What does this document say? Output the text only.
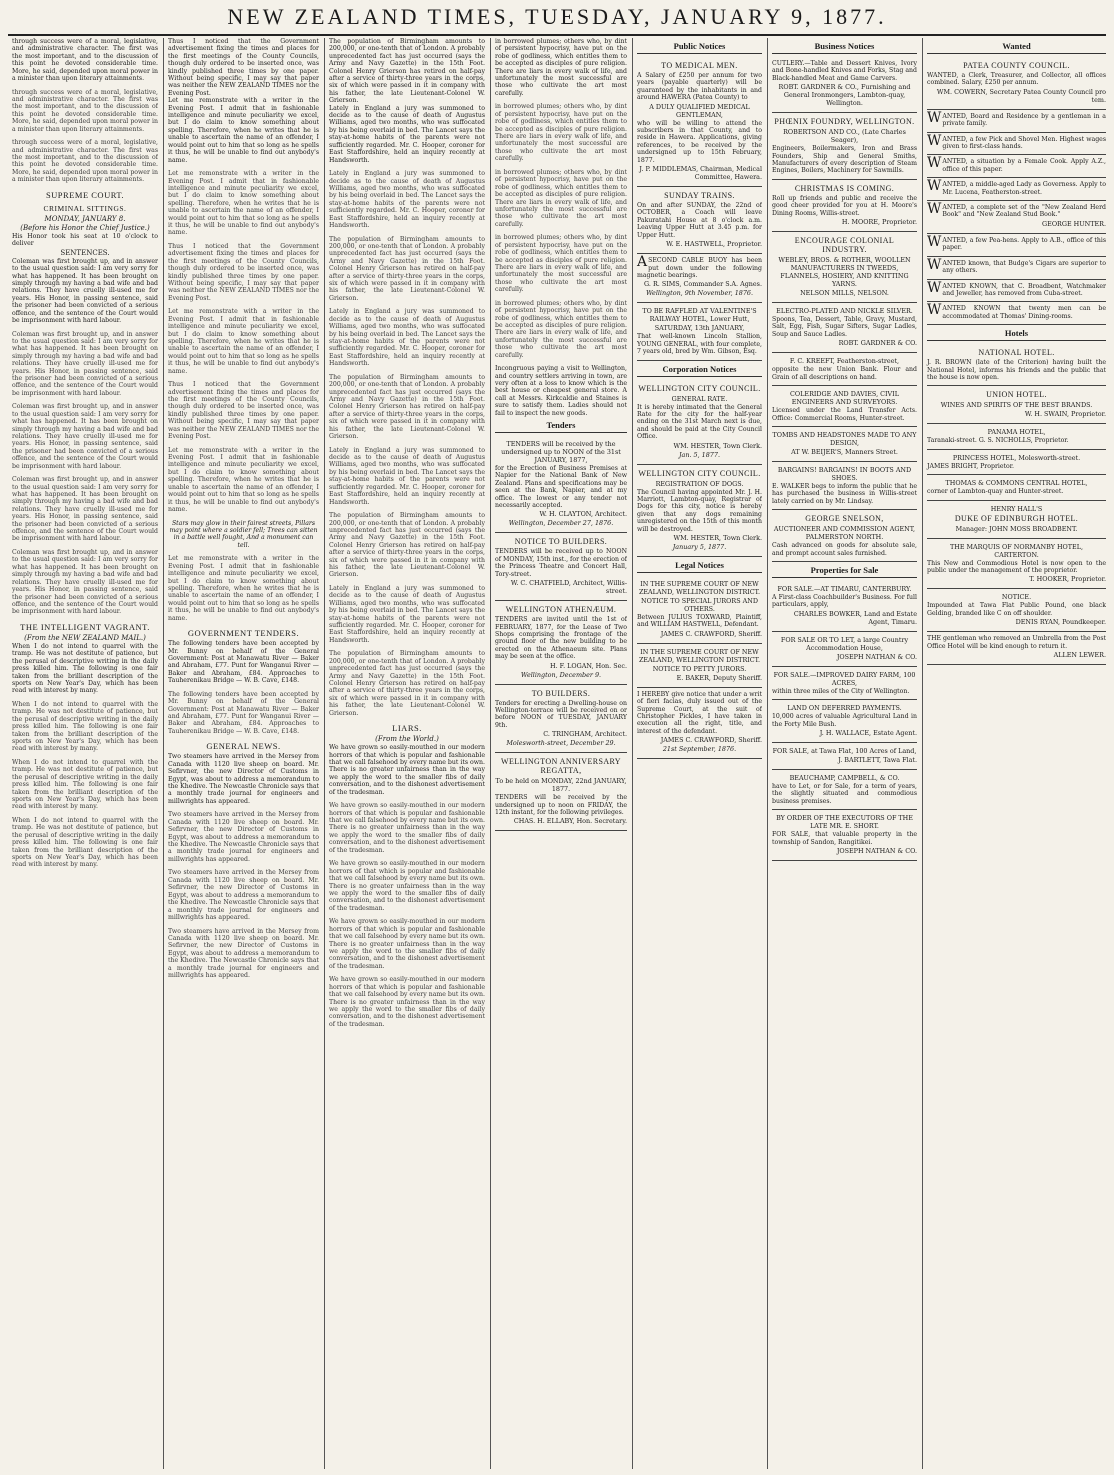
NEW ZEALAND TIMES, TUESDAY, JANUARY 9, 1877.

through success were of a moral, legislative, and administrative character. The first was the most important, and to the discussion of this point he devoted considerable time. More, he said, depended upon moral power in a minister than upon literary attainments.

through success were of a moral, legislative, and administrative character. The first was the most important, and to the discussion of this point he devoted considerable time. More, he said, depended upon moral power in a minister than upon literary attainments.

through success were of a moral, legislative, and administrative character. The first was the most important, and to the discussion of this point he devoted considerable time. More, he said, depended upon moral power in a minister than upon literary attainments.

SUPREME COURT.
CRIMINAL SITTINGS.
MONDAY, JANUARY 8.
(Before his Honor the Chief Justice.)

His Honor took his seat at 10 o'clock to deliver

SENTENCES.

Coleman was first brought up, and in answer to the usual question said: I am very sorry for what has happened. It has been brought on simply through my having a bad wife and bad relations. They have cruelly ill-used me for years. His Honor, in passing sentence, said the prisoner had been convicted of a serious offence, and the sentence of the Court would be imprisonment with hard labour.

Coleman was first brought up, and in answer to the usual question said: I am very sorry for what has happened. It has been brought on simply through my having a bad wife and bad relations. They have cruelly ill-used me for years. His Honor, in passing sentence, said the prisoner had been convicted of a serious offence, and the sentence of the Court would be imprisonment with hard labour.

Coleman was first brought up, and in answer to the usual question said: I am very sorry for what has happened. It has been brought on simply through my having a bad wife and bad relations. They have cruelly ill-used me for years. His Honor, in passing sentence, said the prisoner had been convicted of a serious offence, and the sentence of the Court would be imprisonment with hard labour.

Coleman was first brought up, and in answer to the usual question said: I am very sorry for what has happened. It has been brought on simply through my having a bad wife and bad relations. They have cruelly ill-used me for years. His Honor, in passing sentence, said the prisoner had been convicted of a serious offence, and the sentence of the Court would be imprisonment with hard labour.

Coleman was first brought up, and in answer to the usual question said: I am very sorry for what has happened. It has been brought on simply through my having a bad wife and bad relations. They have cruelly ill-used me for years. His Honor, in passing sentence, said the prisoner had been convicted of a serious offence, and the sentence of the Court would be imprisonment with hard labour.

THE INTELLIGENT VAGRANT.
(From the NEW ZEALAND MAIL.)

When I do not intend to quarrel with the tramp. He was not destitute of patience, but the perusal of descriptive writing in the daily press killed him. The following is one fair taken from the brilliant description of the sports on New Year's Day, which has been read with interest by many.

When I do not intend to quarrel with the tramp. He was not destitute of patience, but the perusal of descriptive writing in the daily press killed him. The following is one fair taken from the brilliant description of the sports on New Year's Day, which has been read with interest by many.

When I do not intend to quarrel with the tramp. He was not destitute of patience, but the perusal of descriptive writing in the daily press killed him. The following is one fair taken from the brilliant description of the sports on New Year's Day, which has been read with interest by many.

When I do not intend to quarrel with the tramp. He was not destitute of patience, but the perusal of descriptive writing in the daily press killed him. The following is one fair taken from the brilliant description of the sports on New Year's Day, which has been read with interest by many.

Thus I noticed that the Government advertisement fixing the times and places for the first meetings of the County Councils, though duly ordered to be inserted once, was kindly published three times by one paper. Without being specific, I may say that paper was neither the NEW ZEALAND TIMES nor the Evening Post.

Let me remonstrate with a writer in the Evening Post. I admit that in fashionable intelligence and minute peculiarity we excel, but I do claim to know something about spelling. Therefore, when he writes that he is unable to ascertain the name of an offender, I would point out to him that so long as he spells it thus, he will be unable to find out anybody's name.

Let me remonstrate with a writer in the Evening Post. I admit that in fashionable intelligence and minute peculiarity we excel, but I do claim to know something about spelling. Therefore, when he writes that he is unable to ascertain the name of an offender, I would point out to him that so long as he spells it thus, he will be unable to find out anybody's name.

Thus I noticed that the Government advertisement fixing the times and places for the first meetings of the County Councils, though duly ordered to be inserted once, was kindly published three times by one paper. Without being specific, I may say that paper was neither the NEW ZEALAND TIMES nor the Evening Post.

Let me remonstrate with a writer in the Evening Post. I admit that in fashionable intelligence and minute peculiarity we excel, but I do claim to know something about spelling. Therefore, when he writes that he is unable to ascertain the name of an offender, I would point out to him that so long as he spells it thus, he will be unable to find out anybody's name.

Thus I noticed that the Government advertisement fixing the times and places for the first meetings of the County Councils, though duly ordered to be inserted once, was kindly published three times by one paper. Without being specific, I may say that paper was neither the NEW ZEALAND TIMES nor the Evening Post.

Let me remonstrate with a writer in the Evening Post. I admit that in fashionable intelligence and minute peculiarity we excel, but I do claim to know something about spelling. Therefore, when he writes that he is unable to ascertain the name of an offender, I would point out to him that so long as he spells it thus, he will be unable to find out anybody's name.

Stars may glow in their fairest streets, Pillars may point where a soldier fell; Trees can sitten in a battle well fought, And a monument can tell.

Let me remonstrate with a writer in the Evening Post. I admit that in fashionable intelligence and minute peculiarity we excel, but I do claim to know something about spelling. Therefore, when he writes that he is unable to ascertain the name of an offender, I would point out to him that so long as he spells it thus, he will be unable to find out anybody's name.

GOVERNMENT TENDERS.

The following tenders have been accepted by Mr. Bunny on behalf of the General Government: Post at Manawatu River — Baker and Abraham, £77. Punt for Wanganui River — Baker and Abraham, £84. Approaches to Tauherenikau Bridge — W. B. Cave, £148.

The following tenders have been accepted by Mr. Bunny on behalf of the General Government: Post at Manawatu River — Baker and Abraham, £77. Punt for Wanganui River — Baker and Abraham, £84. Approaches to Tauherenikau Bridge — W. B. Cave, £148.

GENERAL NEWS.

Two steamers have arrived in the Mersey from Canada with 1120 live sheep on board. Mr. Sefirvner, the new Director of Customs in Egypt, was about to address a memorandum to the Khedive. The Newcastle Chronicle says that a monthly trade journal for engineers and millwrights has appeared.

Two steamers have arrived in the Mersey from Canada with 1120 live sheep on board. Mr. Sefirvner, the new Director of Customs in Egypt, was about to address a memorandum to the Khedive. The Newcastle Chronicle says that a monthly trade journal for engineers and millwrights has appeared.

Two steamers have arrived in the Mersey from Canada with 1120 live sheep on board. Mr. Sefirvner, the new Director of Customs in Egypt, was about to address a memorandum to the Khedive. The Newcastle Chronicle says that a monthly trade journal for engineers and millwrights has appeared.

Two steamers have arrived in the Mersey from Canada with 1120 live sheep on board. Mr. Sefirvner, the new Director of Customs in Egypt, was about to address a memorandum to the Khedive. The Newcastle Chronicle says that a monthly trade journal for engineers and millwrights has appeared.

The population of Birmingham amounts to 200,000, or one-tenth that of London. A probably unprecedented fact has just occurred (says the Army and Navy Gazette) in the 15th Foot. Colonel Henry Grierson has retired on half-pay after a service of thirty-three years in the corps, six of which were passed in it in company with his father, the late Lieutenant-Colonel W. Grierson.

Lately in England a jury was summoned to decide as to the cause of death of Augustus Williams, aged two months, who was suffocated by his being overlaid in bed. The Lancet says the stay-at-home habits of the parents were not sufficiently regarded. Mr. C. Hooper, coroner for East Staffordshire, held an inquiry recently at Handsworth.

Lately in England a jury was summoned to decide as to the cause of death of Augustus Williams, aged two months, who was suffocated by his being overlaid in bed. The Lancet says the stay-at-home habits of the parents were not sufficiently regarded. Mr. C. Hooper, coroner for East Staffordshire, held an inquiry recently at Handsworth.

The population of Birmingham amounts to 200,000, or one-tenth that of London. A probably unprecedented fact has just occurred (says the Army and Navy Gazette) in the 15th Foot. Colonel Henry Grierson has retired on half-pay after a service of thirty-three years in the corps, six of which were passed in it in company with his father, the late Lieutenant-Colonel W. Grierson.

Lately in England a jury was summoned to decide as to the cause of death of Augustus Williams, aged two months, who was suffocated by his being overlaid in bed. The Lancet says the stay-at-home habits of the parents were not sufficiently regarded. Mr. C. Hooper, coroner for East Staffordshire, held an inquiry recently at Handsworth.

The population of Birmingham amounts to 200,000, or one-tenth that of London. A probably unprecedented fact has just occurred (says the Army and Navy Gazette) in the 15th Foot. Colonel Henry Grierson has retired on half-pay after a service of thirty-three years in the corps, six of which were passed in it in company with his father, the late Lieutenant-Colonel W. Grierson.

Lately in England a jury was summoned to decide as to the cause of death of Augustus Williams, aged two months, who was suffocated by his being overlaid in bed. The Lancet says the stay-at-home habits of the parents were not sufficiently regarded. Mr. C. Hooper, coroner for East Staffordshire, held an inquiry recently at Handsworth.

The population of Birmingham amounts to 200,000, or one-tenth that of London. A probably unprecedented fact has just occurred (says the Army and Navy Gazette) in the 15th Foot. Colonel Henry Grierson has retired on half-pay after a service of thirty-three years in the corps, six of which were passed in it in company with his father, the late Lieutenant-Colonel W. Grierson.

Lately in England a jury was summoned to decide as to the cause of death of Augustus Williams, aged two months, who was suffocated by his being overlaid in bed. The Lancet says the stay-at-home habits of the parents were not sufficiently regarded. Mr. C. Hooper, coroner for East Staffordshire, held an inquiry recently at Handsworth.

The population of Birmingham amounts to 200,000, or one-tenth that of London. A probably unprecedented fact has just occurred (says the Army and Navy Gazette) in the 15th Foot. Colonel Henry Grierson has retired on half-pay after a service of thirty-three years in the corps, six of which were passed in it in company with his father, the late Lieutenant-Colonel W. Grierson.

LIARS.
(From the World.)

We have grown so easily-mouthed in our modern horrors of that which is popular and fashionable that we call falsehood by every name but its own. There is no greater unfairness than in the way we apply the word to the smaller fibs of daily conversation, and to the dishonest advertisement of the tradesman.

We have grown so easily-mouthed in our modern horrors of that which is popular and fashionable that we call falsehood by every name but its own. There is no greater unfairness than in the way we apply the word to the smaller fibs of daily conversation, and to the dishonest advertisement of the tradesman.

We have grown so easily-mouthed in our modern horrors of that which is popular and fashionable that we call falsehood by every name but its own. There is no greater unfairness than in the way we apply the word to the smaller fibs of daily conversation, and to the dishonest advertisement of the tradesman.

We have grown so easily-mouthed in our modern horrors of that which is popular and fashionable that we call falsehood by every name but its own. There is no greater unfairness than in the way we apply the word to the smaller fibs of daily conversation, and to the dishonest advertisement of the tradesman.

We have grown so easily-mouthed in our modern horrors of that which is popular and fashionable that we call falsehood by every name but its own. There is no greater unfairness than in the way we apply the word to the smaller fibs of daily conversation, and to the dishonest advertisement of the tradesman.

in borrowed plumes; others who, by dint of persistent hypocrisy, have put on the robe of godliness, which entitles them to be accepted as disciples of pure religion. There are liars in every walk of life, and unfortunately the most successful are those who cultivate the art most carefully.

in borrowed plumes; others who, by dint of persistent hypocrisy, have put on the robe of godliness, which entitles them to be accepted as disciples of pure religion. There are liars in every walk of life, and unfortunately the most successful are those who cultivate the art most carefully.

in borrowed plumes; others who, by dint of persistent hypocrisy, have put on the robe of godliness, which entitles them to be accepted as disciples of pure religion. There are liars in every walk of life, and unfortunately the most successful are those who cultivate the art most carefully.

in borrowed plumes; others who, by dint of persistent hypocrisy, have put on the robe of godliness, which entitles them to be accepted as disciples of pure religion. There are liars in every walk of life, and unfortunately the most successful are those who cultivate the art most carefully.

in borrowed plumes; others who, by dint of persistent hypocrisy, have put on the robe of godliness, which entitles them to be accepted as disciples of pure religion. There are liars in every walk of life, and unfortunately the most successful are those who cultivate the art most carefully.

Incongruous paying a visit to Wellington, and country settlers arriving in town, are very often at a loss to know which is the best house or cheapest general store. A call at Messrs. Kirkcaldie and Staines is sure to satisfy them. Ladies should not fail to inspect the new goods.

Tenders
TENDERS will be received by the undersigned up to NOON of the 31st JANUARY, 1877,

for the Erection of Business Premises at Napier for the National Bank of New Zealand. Plans and specifications may be seen at the Bank, Napier, and at my office. The lowest or any tender not necessarily accepted.

W. H. CLAYTON, Architect.
Wellington, December 27, 1876.
NOTICE TO BUILDERS.

TENDERS will be received up to NOON of MONDAY, 15th inst., for the erection of the Princess Theatre and Concert Hall, Tory-street.

W. C. CHATFIELD, Architect, Willis-street.
WELLINGTON ATHENÆUM.

TENDERS are invited until the 1st of FEBRUARY, 1877, for the Lease of Two Shops comprising the frontage of the ground floor of the new building to be erected on the Athenaeum site. Plans may be seen at the office.

H. F. LOGAN, Hon. Sec.
Wellington, December 9.
TO BUILDERS.

Tenders for erecting a Dwelling-house on Wellington-terrace will be received on or before NOON of TUESDAY, JANUARY 9th.

C. TRINGHAM, Architect.
Molesworth-street, December 29.
WELLINGTON ANNIVERSARY REGATTA,
To be held on MONDAY, 22nd JANUARY, 1877.

TENDERS will be received by the undersigned up to noon on FRIDAY, the 12th instant, for the following privileges.

CHAS. H. ELLABY, Hon. Secretary.
Public Notices
TO MEDICAL MEN.

A Salary of £250 per annum for two years (payable quarterly) will be guaranteed by the inhabitants in and around HAWERA (Patea County) to

A DULY QUALIFIED MEDICAL GENTLEMAN,

who will be willing to attend the subscribers in that County, and to reside in Hawera. Applications, giving references, to be received by the undersigned up to 15th February, 1877.

J. P. MIDDLEMAS, Chairman, Medical Committee, Hawera.
SUNDAY TRAINS.

On and after SUNDAY, the 22nd of OCTOBER, a Coach will leave Pakuratahi House at 8 o'clock a.m. Leaving Upper Hutt at 3.45 p.m. for Upper Hutt.

W. E. HASTWELL, Proprietor.

ASECOND CABLE BUOY has been put down under the following magnetic bearings.

G. R. SIMS, Commander S.A. Agnes.
Wellington, 9th November, 1876.
TO BE RAFFLED AT VALENTINE'S RAILWAY HOTEL, Lower Hutt,
SATURDAY, 13th JANUARY,

That well-known Lincoln Stallion, YOUNG GENERAL, with four complete, 7 years old, bred by Wm. Gibson, Esq.

Corporation Notices
WELLINGTON CITY COUNCIL.
GENERAL RATE.

It is hereby intimated that the General Rate for the city for the half-year ending on the 31st March next is due, and should be paid at the City Council Office.

WM. HESTER, Town Clerk.
Jan. 5, 1877.
WELLINGTON CITY COUNCIL.
REGISTRATION OF DOGS.

The Council having appointed Mr. J. H. Marriott, Lambton-quay, Registrar of Dogs for this city, notice is hereby given that any dogs remaining unregistered on the 15th of this month will be destroyed.

WM. HESTER, Town Clerk.
January 5, 1877.
Legal Notices
IN THE SUPREME COURT OF NEW ZEALAND, WELLINGTON DISTRICT.
NOTICE TO SPECIAL JURORS AND OTHERS.

Between JULIUS TOXWARD, Plaintiff, and WILLIAM HASTWELL, Defendant.

JAMES C. CRAWFORD, Sheriff.
IN THE SUPREME COURT OF NEW ZEALAND, WELLINGTON DISTRICT.
NOTICE TO PETTY JURORS.
E. BAKER, Deputy Sheriff.

I HEREBY give notice that under a writ of fieri facias, duly issued out of the Supreme Court, at the suit of Christopher Pickles, I have taken in execution all the right, title, and interest of the defendant.

JAMES C. CRAWFORD, Sheriff.
21st September, 1876.
Business Notices

CUTLERY.—Table and Dessert Knives, Ivory and Bone-handled Knives and Forks, Stag and Black-handled Meat and Game Carvers.

ROBT. GARDNER & CO., Furnishing and General Ironmongers, Lambton-quay, Wellington.
PHŒNIX FOUNDRY, WELLINGTON.
ROBERTSON AND CO., (Late Charles Seager),

Engineers, Boilermakers, Iron and Brass Founders, Ship and General Smiths, Manufacturers of every description of Steam Engines, Boilers, Machinery for Sawmills.

CHRISTMAS IS COMING.

Roll up friends and public and receive the good cheer provided for you at H. Moore's Dining Rooms, Willis-street.

H. MOORE, Proprietor.
ENCOURAGE COLONIAL INDUSTRY.
WEBLEY, BROS. & ROTHER, WOOLLEN MANUFACTURERS IN TWEEDS, FLANNELS, HOSIERY, AND KNITTING YARNS.
NELSON MILLS, NELSON.
ELECTRO-PLATED AND NICKLE SILVER.

Spoons, Tea, Dessert, Table, Gravy, Mustard, Salt, Egg, Fish, Sugar Sifters, Sugar Ladles, Soup and Sauce Ladles.

ROBT. GARDNER & CO.
F. C. KREEFT, Featherston-street,

opposite the new Union Bank. Flour and Grain of all descriptions on hand.

COLERIDGE AND DAVIES, CIVIL ENGINEERS AND SURVEYORS.

Licensed under the Land Transfer Acts. Office: Commercial Rooms, Hunter-street.

TOMBS AND HEADSTONES MADE TO ANY DESIGN,
AT W. BEIJER'S, Manners Street.
BARGAINS! BARGAINS! IN BOOTS AND SHOES.

E. WALKER begs to inform the public that he has purchased the business in Willis-street lately carried on by Mr. Lindsay.

GEORGE SNELSON,
AUCTIONEER AND COMMISSION AGENT, PALMERSTON NORTH.

Cash advanced on goods for absolute sale, and prompt account sales furnished.

Properties for Sale
FOR SALE.—AT TIMARU, CANTERBURY.

A First-class Coachbuilder's Business. For full particulars, apply,

CHARLES BOWKER, Land and Estate Agent, Timaru.
FOR SALE OR TO LET, a large Country Accommodation House,
JOSEPH NATHAN & CO.
FOR SALE.—IMPROVED DAIRY FARM, 100 ACRES,

within three miles of the City of Wellington.

LAND ON DEFERRED PAYMENTS.

10,000 acres of valuable Agricultural Land in the Forty Mile Bush.

J. H. WALLACE, Estate Agent.
FOR SALE, at Tawa Flat, 100 Acres of Land,
J. BARTLETT, Tawa Flat.
BEAUCHAMP, CAMPBELL, & CO.

have to Let, or for Sale, for a term of years, the slightly situated and commodious business premises.

BY ORDER OF THE EXECUTORS OF THE LATE MR. E. SHORT.

FOR SALE, that valuable property in the township of Sandon, Rangitikei.

JOSEPH NATHAN & CO.
Wanted
PATEA COUNTY COUNCIL.

WANTED, a Clerk, Treasurer, and Collector, all offices combined. Salary, £250 per annum.

WM. COWERN, Secretary Patea County Council pro tem.

WANTED, Board and Residence by a gentleman in a private family.

WANTED, a few Pick and Shovel Men. Highest wages given to first-class hands.

WANTED, a situation by a Female Cook. Apply A.Z., office of this paper.

WANTED, a middle-aged Lady as Governess. Apply to Mr. Lucena, Featherston-street.

WANTED, a complete set of the "New Zealand Herd Book" and "New Zealand Stud Book."

GEORGE HUNTER.

WANTED, a few Pea-hens. Apply to A.B., office of this paper.

WANTED known, that Budge's Cigars are superior to any others.

WANTED KNOWN, that C. Broadbent, Watchmaker and Jeweller, has removed from Cuba-street.

WANTED KNOWN that twenty men can be accommodated at Thomas' Dining-rooms.

Hotels
NATIONAL HOTEL.

J. R. BROWN (late of the Criterion) having built the National Hotel, informs his friends and the public that the house is now open.

UNION HOTEL.
WINES AND SPIRITS OF THE BEST BRANDS.
W. H. SWAIN, Proprietor.
PANAMA HOTEL,

Taranaki-street. G. S. NICHOLLS, Proprietor.

PRINCESS HOTEL, Molesworth-street.

JAMES BRIGHT, Proprietor.

THOMAS & COMMONS CENTRAL HOTEL,

corner of Lambton-quay and Hunter-street.

HENRY HALL'S
DUKE OF EDINBURGH HOTEL.
Manager: JOHN MOSS BROADBENT.
THE MARQUIS OF NORMANBY HOTEL, CARTERTON.

This New and Commodious Hotel is now open to the public under the management of the proprietor.

T. HOOKER, Proprietor.
NOTICE.

Impounded at Tawa Flat Public Pound, one black Gelding, branded like C on off shoulder.

DENIS RYAN, Poundkeeper.

THE gentleman who removed an Umbrella from the Post Office Hotel will be kind enough to return it.

ALLEN LEWER.
